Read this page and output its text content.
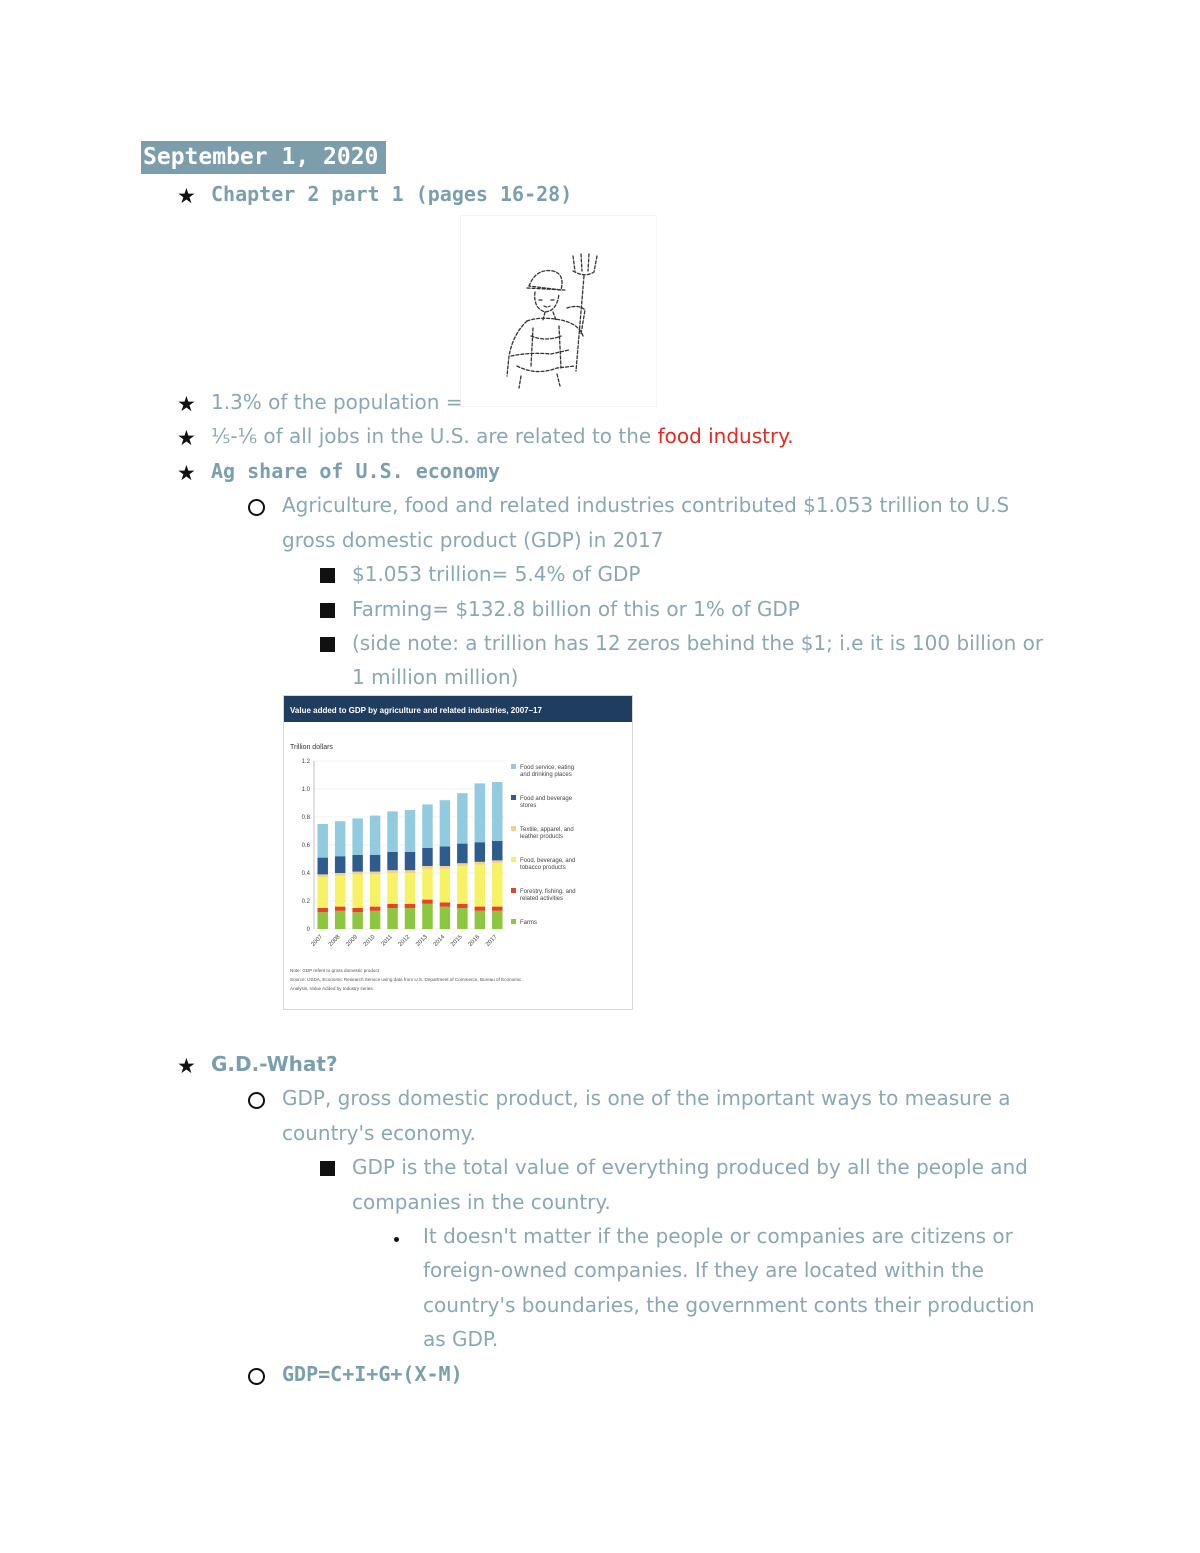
September 1, 2020
★ Chapter 2 part 1 (pages 16-28)
★ 1.3% of the population =
★ ⅕-⅙ of all jobs in the U.S. are related to the food industry.
★ Ag share of U.S. economy
Agriculture, food and related industries contributed $1.053 trillion to U.S
gross domestic product (GDP) in 2017
$1.053 trillion= 5.4% of GDP
Farming= $132.8 billion of this or 1% of GDP
(side note: a trillion has 12 zeros behind the $1; i.e it is 100 billion or
1 million million)
Value added to GDP by agriculture and related industries, 2007–17
Trillion dollars
1.2
1.0
0.8
0.6
0.4
0.2
0
2007 2008 2009 2010 2011 2012 2013 2014 2015 2016 2017
Food service, eating and drinking places
Food and beverage stores
Textile, apparel, and leather products
Food, beverage, and tobacco products
Forestry, fishing, and related activities
Farms
Note: GDP refers to gross domestic product
Source: USDA, Economic Research Service using data from U.S. Department of Commerce, Bureau of Economic
Analysis, Value Added by Industry series.
★ G.D.-What?
GDP, gross domestic product, is one of the important ways to measure a
country's economy.
GDP is the total value of everything produced by all the people and
companies in the country.
It doesn't matter if the people or companies are citizens or
foreign-owned companies. If they are located within the
country's boundaries, the government conts their production
as GDP.
GDP=C+I+G+(X-M)
